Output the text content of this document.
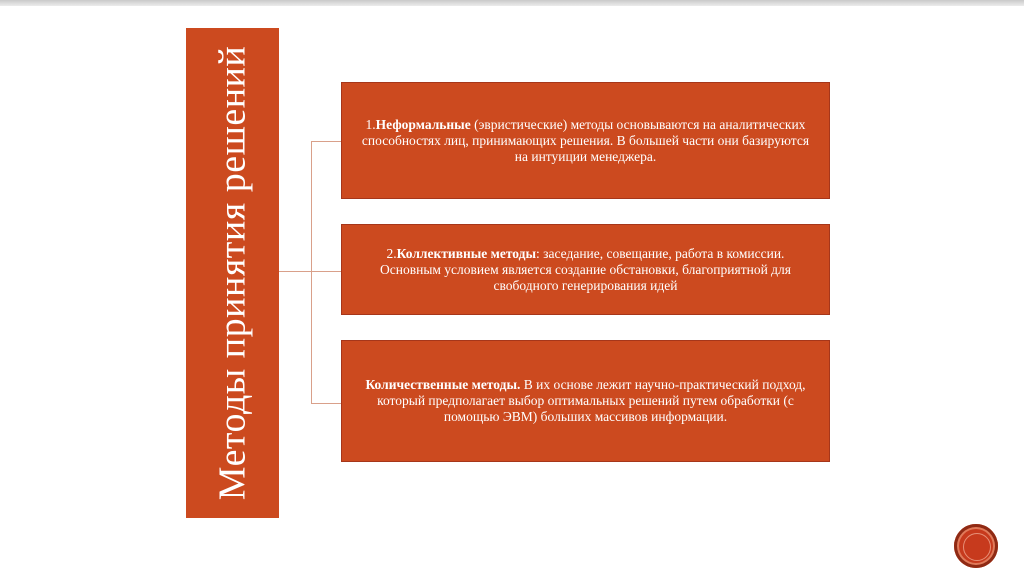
Методы принятия решений	1.Неформальные (эвристические) методы основываются на аналитических способностях лиц, принимающих решения. В большей части они базируются на интуиции менеджера.
2.Коллективные методы: заседание, совещание, работа в комиссии. Основным условием является создание обстановки, благоприятной для свободного генерирования идей
Количественные методы. В их основе лежит научно-практический подход, который предполагает выбор оптимальных решений путем обработки (с помощью ЭВМ) больших массивов информации.
